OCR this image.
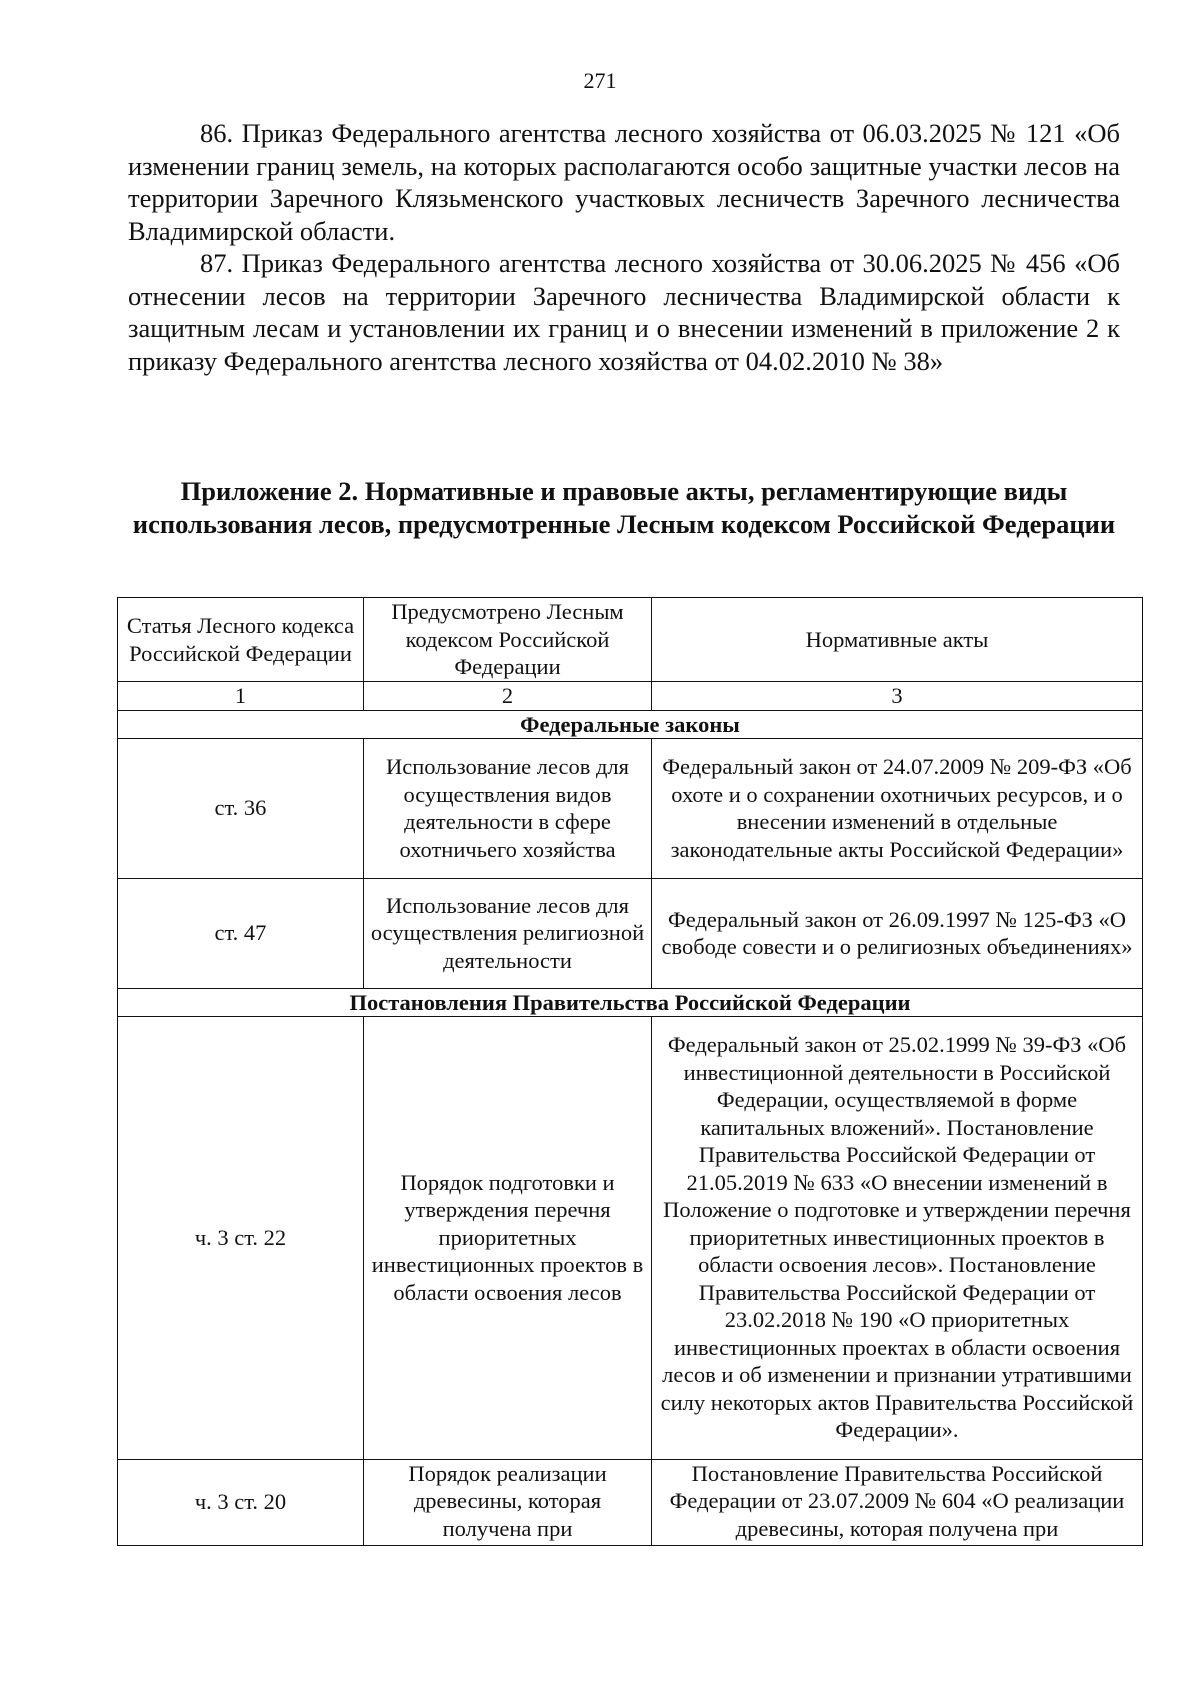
271

86. Приказ Федерального агентства лесного хозяйства от 06.03.2025 № 121 «Об изменении границ земель, на которых располагаются особо защитные участки лесов на территории Заречного Клязьменского участковых лесничеств Заречного лесничества Владимирской области.

87. Приказ Федерального агентства лесного хозяйства от 30.06.2025 № 456 «Об отнесении лесов на территории Заречного лесничества Владимирской области к защитным лесам и установлении их границ и о внесении изменений в приложение 2 к приказу Федерального агентства лесного хозяйства от 04.02.2010 № 38»

Приложение 2. Нормативные и правовые акты, регламентирующие виды использования лесов, предусмотренные Лесным кодексом Российской Федерации
Статья Лесного кодекса Российской Федерации	Предусмотрено Лесным кодексом Российской Федерации	Нормативные акты
1	2	3
Федеральные законы		
ст. 36	Использование лесов для осуществления видов деятельности в сфере охотничьего хозяйства	Федеральный закон от 24.07.2009 № 209-ФЗ «Об охоте и о сохранении охотничьих ресурсов, и о внесении изменений в отдельные законодательные акты Российской Федерации»
ст. 47	Использование лесов для осуществления религиозной деятельности	Федеральный закон от 26.09.1997 № 125-ФЗ «О свободе совести и о религиозных объединениях»
Постановления Правительства Российской Федерации		
ч. 3 ст. 22	Порядок подготовки и утверждения перечня приоритетных инвестиционных проектов в области освоения лесов	Федеральный закон от 25.02.1999 № 39-ФЗ «Об инвестиционной деятельности в Российской Федерации, осуществляемой в форме капитальных вложений». Постановление Правительства Российской Федерации от 21.05.2019 № 633 «О внесении изменений в Положение о подготовке и утверждении перечня приоритетных инвестиционных проектов в области освоения лесов». Постановление Правительства Российской Федерации от 23.02.2018 № 190 «О приоритетных инвестиционных проектах в области освоения лесов и об изменении и признании утратившими силу некоторых актов Правительства Российской Федерации».
ч. 3 ст. 20	Порядок реализации древесины, которая получена при	Постановление Правительства Российской Федерации от 23.07.2009 № 604 «О реализации древесины, которая получена при
